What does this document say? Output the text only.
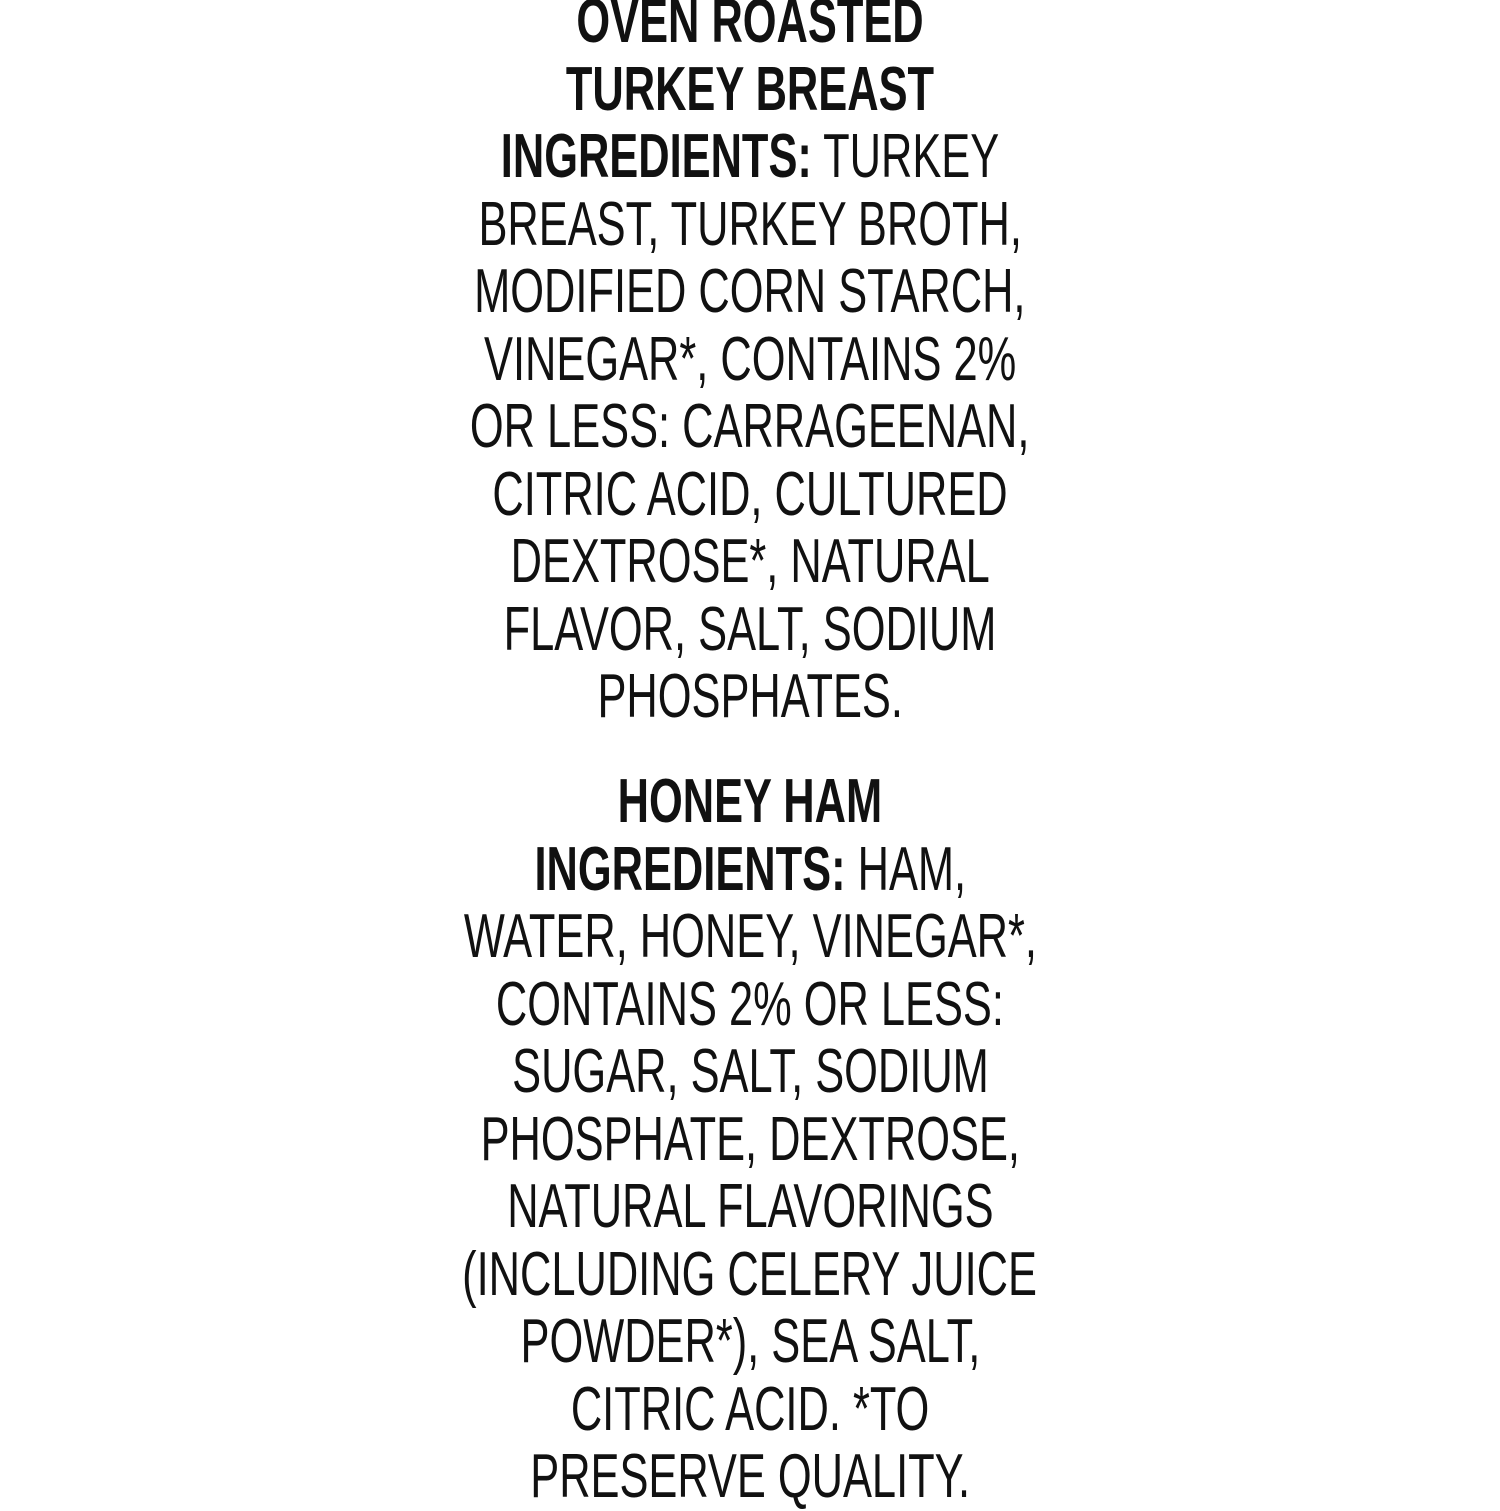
OVEN ROASTED
TURKEY BREAST
INGREDIENTS: TURKEY
BREAST, TURKEY BROTH,
MODIFIED CORN STARCH,
VINEGAR*, CONTAINS 2%
OR LESS: CARRAGEENAN,
CITRIC ACID, CULTURED
DEXTROSE*, NATURAL
FLAVOR, SALT, SODIUM
PHOSPHATES.
HONEY HAM
INGREDIENTS: HAM,
WATER, HONEY, VINEGAR*,
CONTAINS 2% OR LESS:
SUGAR, SALT, SODIUM
PHOSPHATE, DEXTROSE,
NATURAL FLAVORINGS
(INCLUDING CELERY JUICE
POWDER*), SEA SALT,
CITRIC ACID. *TO
PRESERVE QUALITY.
